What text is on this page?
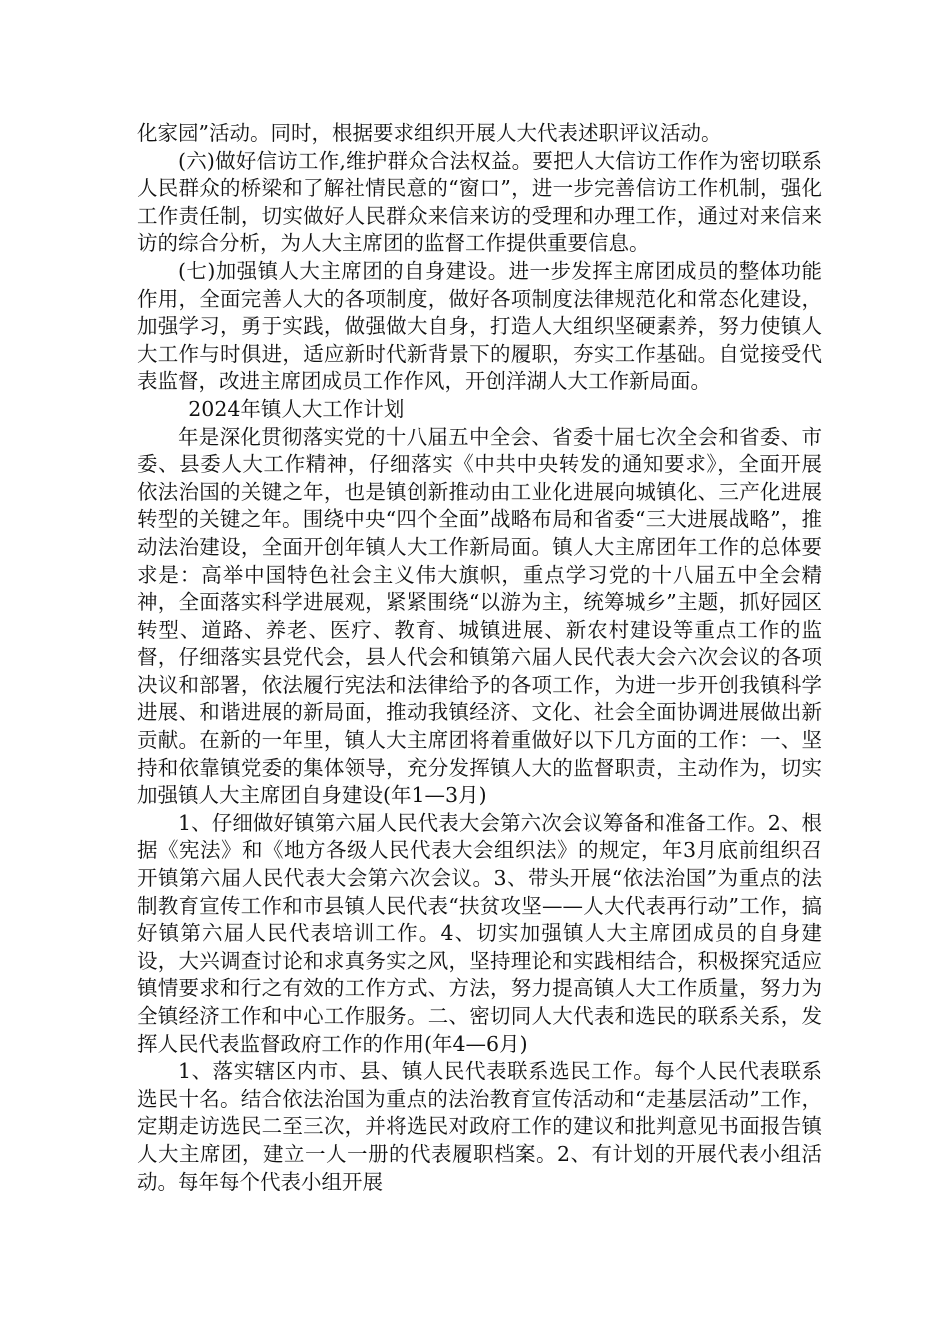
化家园”活动。同时，根据要求组织开展人大代表述职评议活动。

(六)做好信访工作,维护群众合法权益。要把人大信访工作作为密切联系人民群众的桥梁和了解社情民意的“窗口”，进一步完善信访工作机制，强化工作责任制，切实做好人民群众来信来访的受理和办理工作，通过对来信来访的综合分析，为人大主席团的监督工作提供重要信息。

(七)加强镇人大主席团的自身建设。进一步发挥主席团成员的整体功能作用，全面完善人大的各项制度，做好各项制度法律规范化和常态化建设，加强学习，勇于实践，做强做大自身，打造人大组织坚硬素养，努力使镇人大工作与时俱进，适应新时代新背景下的履职，夯实工作基础。自觉接受代表监督，改进主席团成员工作作风，开创洋湖人大工作新局面。

2024年镇人大工作计划

年是深化贯彻落实党的十八届五中全会、省委十届七次全会和省委、市委、县委人大工作精神，仔细落实《中共中央转发的通知要求》，全面开展依法治国的关键之年，也是镇创新推动由工业化进展向城镇化、三产化进展转型的关键之年。围绕中央“四个全面”战略布局和省委“三大进展战略”，推动法治建设，全面开创年镇人大工作新局面。镇人大主席团年工作的总体要求是：高举中国特色社会主义伟大旗帜，重点学习党的十八届五中全会精神，全面落实科学进展观，紧紧围绕“以游为主，统筹城乡”主题，抓好园区转型、道路、养老、医疗、教育、城镇进展、新农村建设等重点工作的监督，仔细落实县党代会，县人代会和镇第六届人民代表大会六次会议的各项决议和部署，依法履行宪法和法律给予的各项工作，为进一步开创我镇科学进展、和谐进展的新局面，推动我镇经济、文化、社会全面协调进展做出新贡献。在新的一年里，镇人大主席团将着重做好以下几方面的工作：一、坚持和依靠镇党委的集体领导，充分发挥镇人大的监督职责，主动作为，切实加强镇人大主席团自身建设(年1—3月)

1、仔细做好镇第六届人民代表大会第六次会议筹备和准备工作。2、根据《宪法》和《地方各级人民代表大会组织法》的规定，年3月底前组织召开镇第六届人民代表大会第六次会议。3、带头开展“依法治国”为重点的法制教育宣传工作和市县镇人民代表“扶贫攻坚——人大代表再行动”工作，搞好镇第六届人民代表培训工作。4、切实加强镇人大主席团成员的自身建设，大兴调查讨论和求真务实之风，坚持理论和实践相结合，积极探究适应镇情要求和行之有效的工作方式、方法，努力提高镇人大工作质量，努力为全镇经济工作和中心工作服务。二、密切同人大代表和选民的联系关系，发挥人民代表监督政府工作的作用(年4—6月)

1、落实辖区内市、县、镇人民代表联系选民工作。每个人民代表联系选民十名。结合依法治国为重点的法治教育宣传活动和“走基层活动”工作，定期走访选民二至三次，并将选民对政府工作的建议和批判意见书面报告镇人大主席团，建立一人一册的代表履职档案。2、有计划的开展代表小组活动。每年每个代表小组开展
